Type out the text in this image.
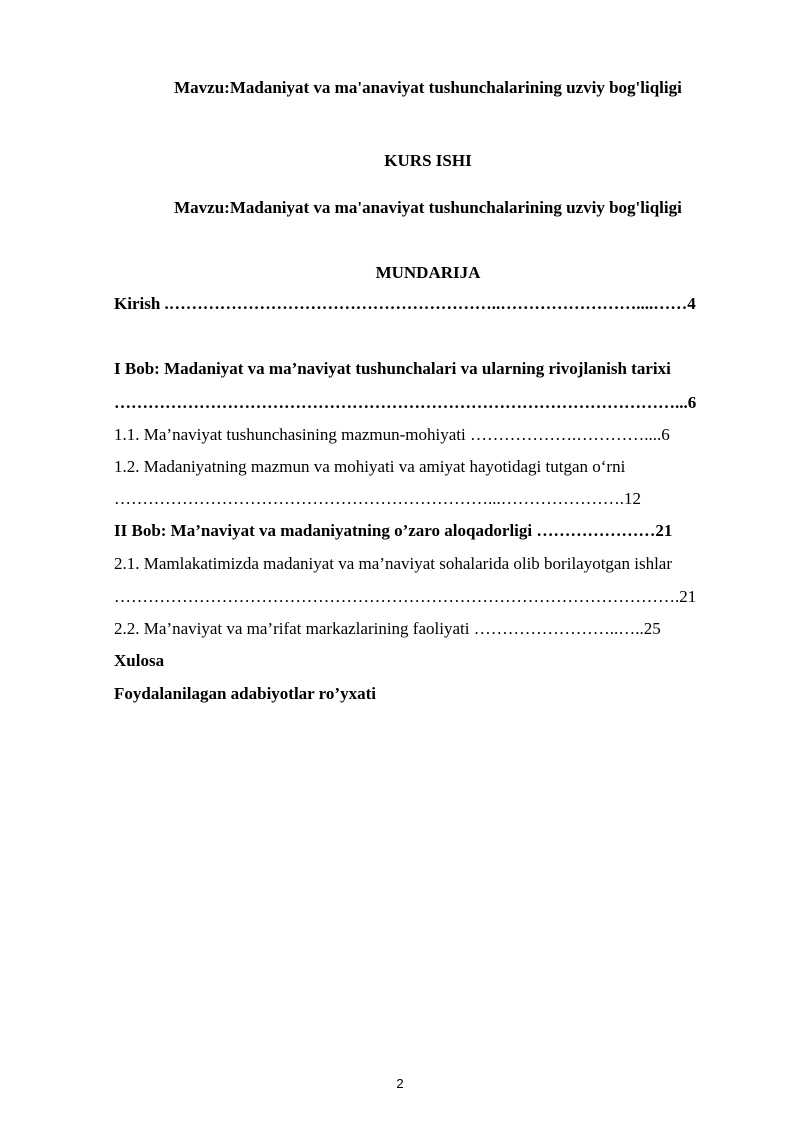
Mavzu:Madaniyat va ma'anaviyat tushunchalarining uzviy bog'liqligi
KURS ISHI
Mavzu:Madaniyat va ma'anaviyat tushunchalarining uzviy bog'liqligi
MUNDARIJA
Kirish .…………………………………………………..……………………....……4
I Bob: Madaniyat va ma’naviyat tushunchalari va ularning rivojlanish tarixi
………………………………………………………………………………………...6
1.1. Ma’naviyat tushunchasining mazmun-mohiyati ……………….…………....6
1.2. Madaniyatning mazmun va mohiyati va amiyat hayotidagi tutgan o‘rni
…………………………………………………………...………………….12
II Bob: Ma’naviyat va madaniyatning o’zaro aloqadorligi …………………21
2.1. Mamlakatimizda madaniyat va ma’naviyat sohalarida olib borilayotgan ishlar
……………………………………………………………………………………….21
2.2. Ma’naviyat va ma’rifat markazlarining faoliyati ……………………..…..25
Xulosa
Foydalanilagan adabiyotlar ro’yxati
2
